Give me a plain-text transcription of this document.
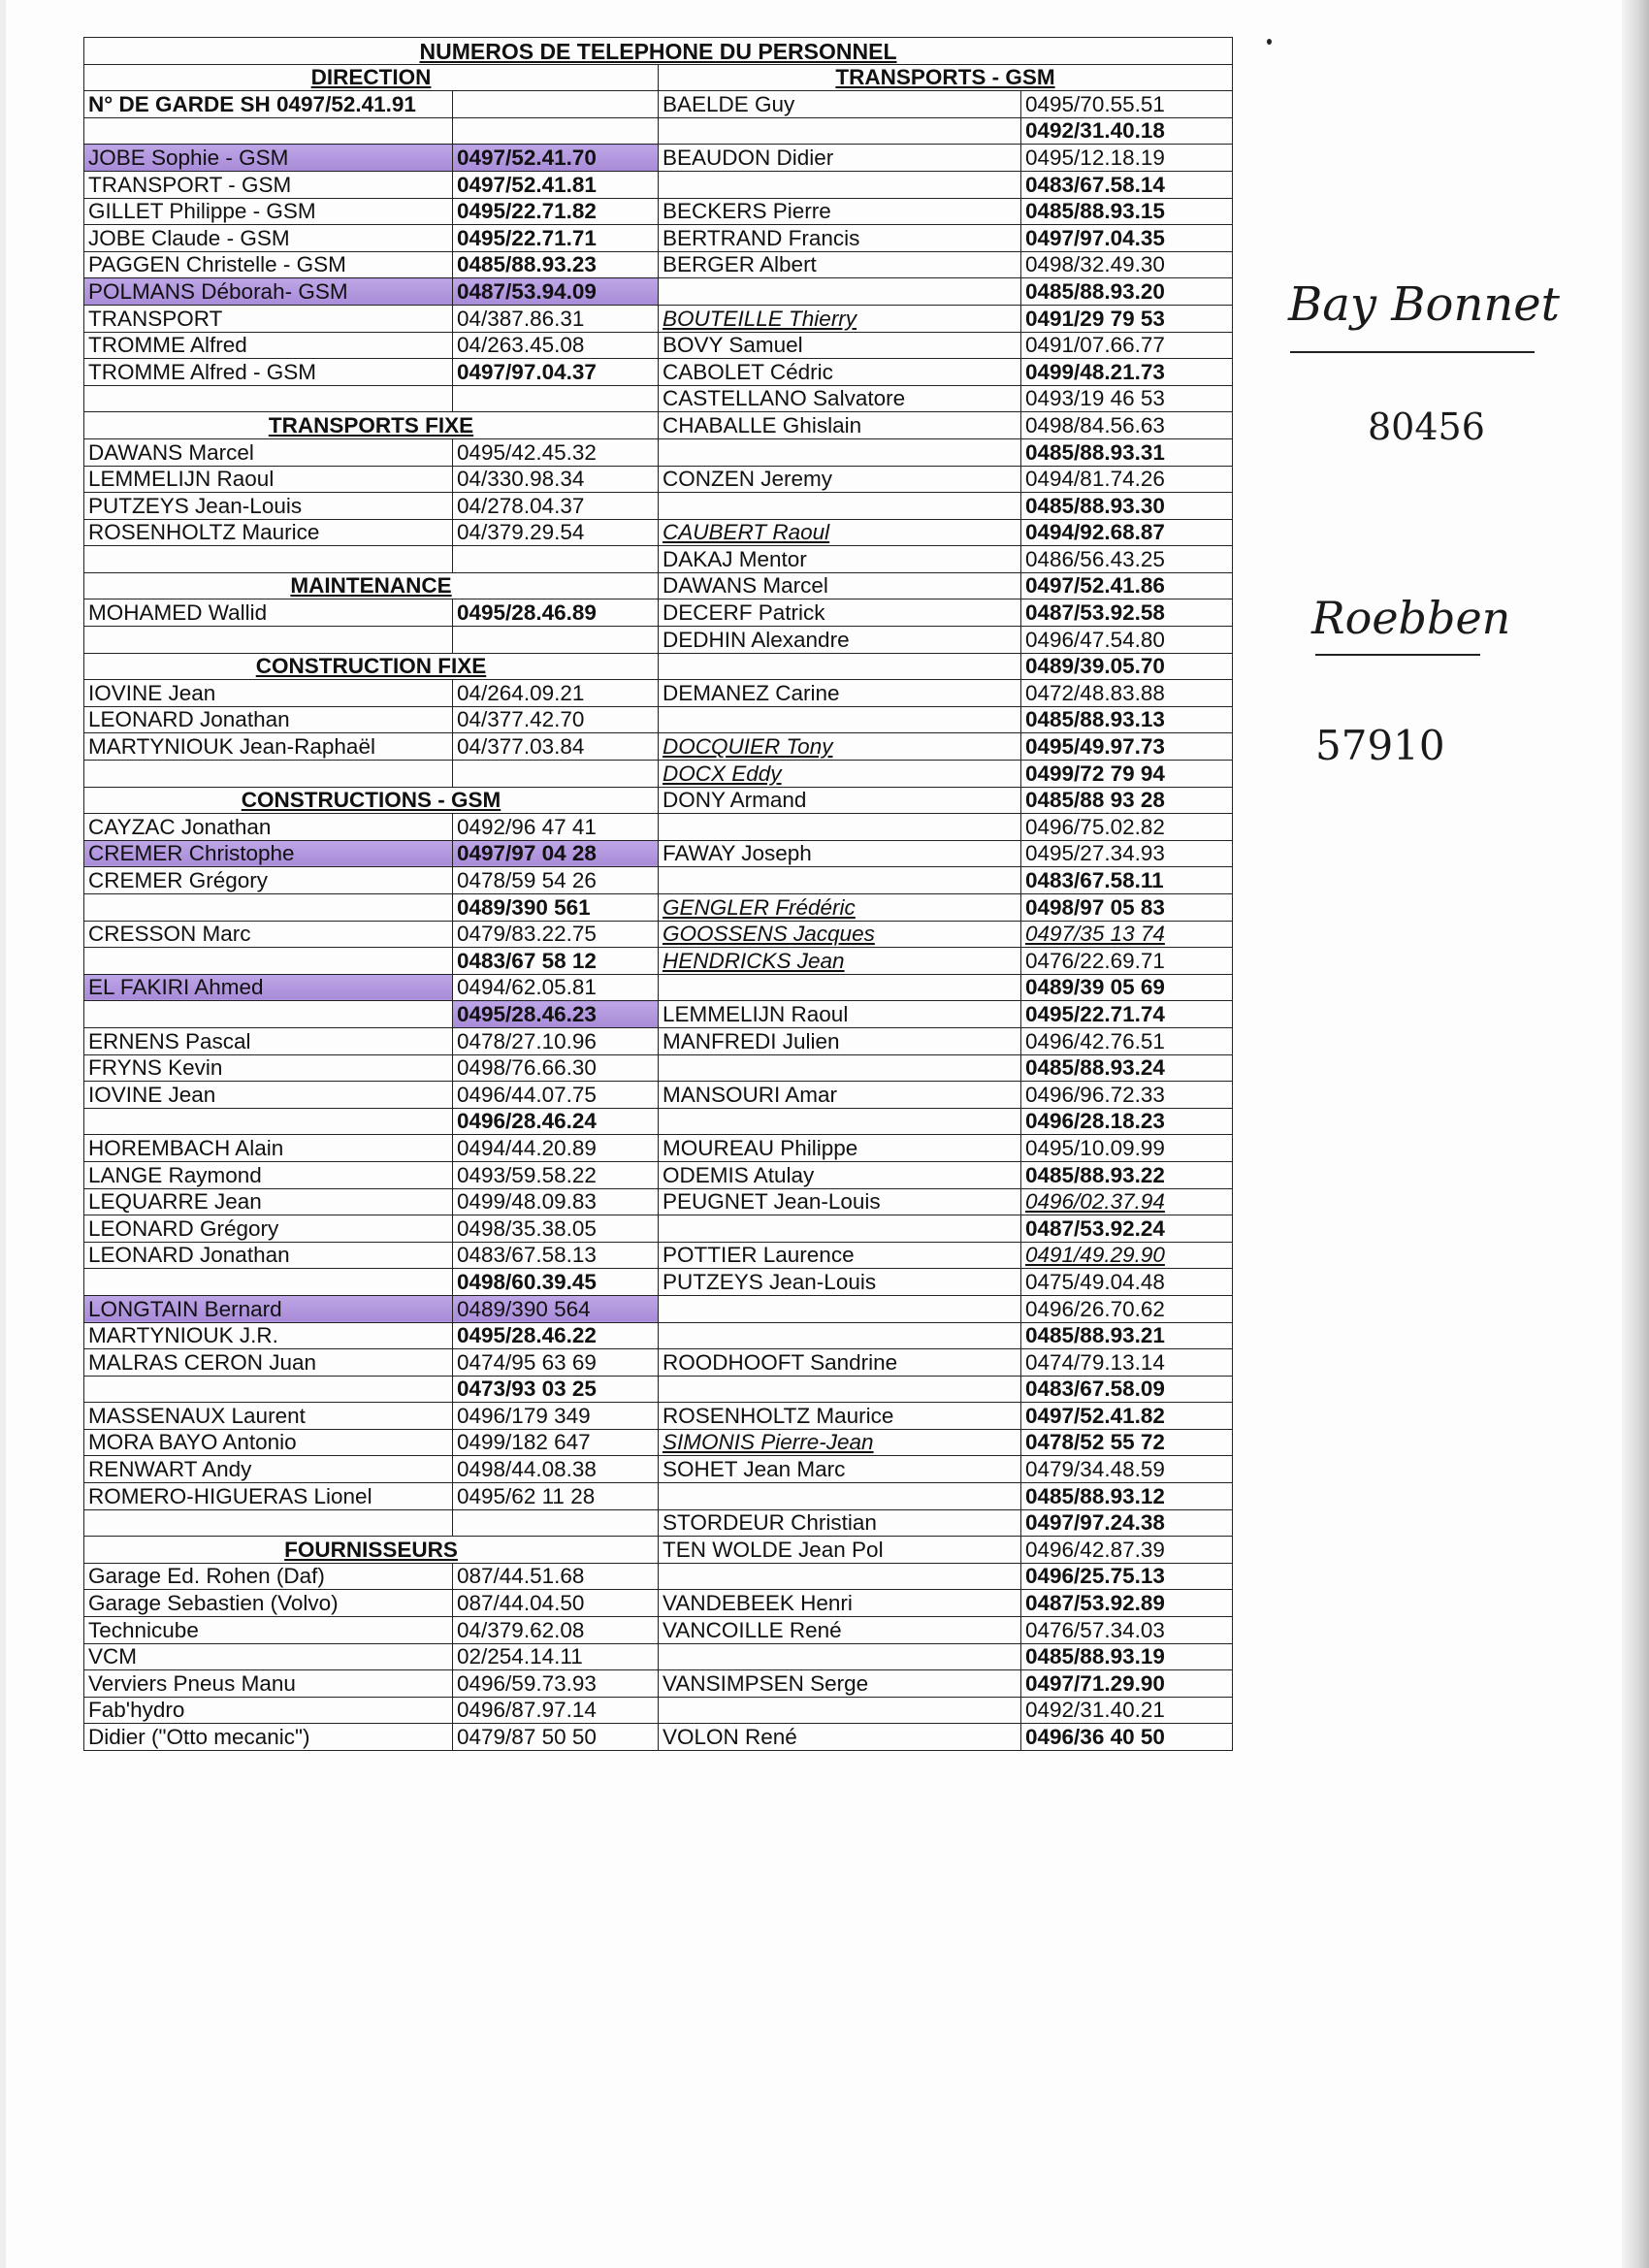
NUMEROS DE TELEPHONE DU PERSONNEL			
DIRECTION		TRANSPORTS - GSM	
N° DE GARDE SH 0497/52.41.91		BAELDE Guy	0495/70.55.51
			0492/31.40.18
JOBE Sophie - GSM	0497/52.41.70	BEAUDON Didier	0495/12.18.19
TRANSPORT - GSM	0497/52.41.81		0483/67.58.14
GILLET Philippe - GSM	0495/22.71.82	BECKERS Pierre	0485/88.93.15
JOBE Claude - GSM	0495/22.71.71	BERTRAND Francis	0497/97.04.35
PAGGEN Christelle - GSM	0485/88.93.23	BERGER Albert	0498/32.49.30
POLMANS Déborah- GSM	0487/53.94.09		0485/88.93.20
TRANSPORT	04/387.86.31	BOUTEILLE Thierry	0491/29 79 53
TROMME Alfred	04/263.45.08	BOVY Samuel	0491/07.66.77
TROMME Alfred - GSM	0497/97.04.37	CABOLET Cédric	0499/48.21.73
		CASTELLANO Salvatore	0493/19 46 53
TRANSPORTS FIXE		CHABALLE Ghislain	0498/84.56.63
DAWANS Marcel	0495/42.45.32		0485/88.93.31
LEMMELIJN Raoul	04/330.98.34	CONZEN Jeremy	0494/81.74.26
PUTZEYS Jean-Louis	04/278.04.37		0485/88.93.30
ROSENHOLTZ Maurice	04/379.29.54	CAUBERT Raoul	0494/92.68.87
		DAKAJ Mentor	0486/56.43.25
MAINTENANCE		DAWANS Marcel	0497/52.41.86
MOHAMED Wallid	0495/28.46.89	DECERF Patrick	0487/53.92.58
		DEDHIN Alexandre	0496/47.54.80
CONSTRUCTION FIXE			0489/39.05.70
IOVINE Jean	04/264.09.21	DEMANEZ Carine	0472/48.83.88
LEONARD Jonathan	04/377.42.70		0485/88.93.13
MARTYNIOUK Jean-Raphaël	04/377.03.84	DOCQUIER Tony	0495/49.97.73
		DOCX Eddy	0499/72 79 94
CONSTRUCTIONS - GSM		DONY Armand	0485/88 93 28
CAYZAC Jonathan	0492/96 47 41		0496/75.02.82
CREMER Christophe	0497/97 04 28	FAWAY Joseph	0495/27.34.93
CREMER Grégory	0478/59 54 26		0483/67.58.11
	0489/390 561	GENGLER Frédéric	0498/97 05 83
CRESSON Marc	0479/83.22.75	GOOSSENS Jacques	0497/35 13 74
	0483/67 58 12	HENDRICKS Jean	0476/22.69.71
EL FAKIRI Ahmed	0494/62.05.81		0489/39 05 69
	0495/28.46.23	LEMMELIJN Raoul	0495/22.71.74
ERNENS Pascal	0478/27.10.96	MANFREDI Julien	0496/42.76.51
FRYNS Kevin	0498/76.66.30		0485/88.93.24
IOVINE Jean	0496/44.07.75	MANSOURI Amar	0496/96.72.33
	0496/28.46.24		0496/28.18.23
HOREMBACH Alain	0494/44.20.89	MOUREAU Philippe	0495/10.09.99
LANGE Raymond	0493/59.58.22	ODEMIS Atulay	0485/88.93.22
LEQUARRE Jean	0499/48.09.83	PEUGNET Jean-Louis	0496/02.37.94
LEONARD Grégory	0498/35.38.05		0487/53.92.24
LEONARD Jonathan	0483/67.58.13	POTTIER Laurence	0491/49.29.90
	0498/60.39.45	PUTZEYS Jean-Louis	0475/49.04.48
LONGTAIN Bernard	0489/390 564		0496/26.70.62
MARTYNIOUK J.R.	0495/28.46.22		0485/88.93.21
MALRAS CERON Juan	0474/95 63 69	ROODHOOFT Sandrine	0474/79.13.14
	0473/93 03 25		0483/67.58.09
MASSENAUX Laurent	0496/179 349	ROSENHOLTZ Maurice	0497/52.41.82
MORA BAYO Antonio	0499/182 647	SIMONIS Pierre-Jean	0478/52 55 72
RENWART Andy	0498/44.08.38	SOHET Jean Marc	0479/34.48.59
ROMERO-HIGUERAS Lionel	0495/62 11 28		0485/88.93.12
		STORDEUR Christian	0497/97.24.38
FOURNISSEURS		TEN WOLDE Jean Pol	0496/42.87.39
Garage Ed. Rohen (Daf)	087/44.51.68		0496/25.75.13
Garage Sebastien (Volvo)	087/44.04.50	VANDEBEEK Henri	0487/53.92.89
Technicube	04/379.62.08	VANCOILLE René	0476/57.34.03
VCM	02/254.14.11		0485/88.93.19
Verviers Pneus Manu	0496/59.73.93	VANSIMPSEN Serge	0497/71.29.90
Fab'hydro	0496/87.97.14		0492/31.40.21
Didier ("Otto mecanic")	0479/87 50 50	VOLON René	0496/36 40 50
Bay Bonnet
80456
Roebben
57910
